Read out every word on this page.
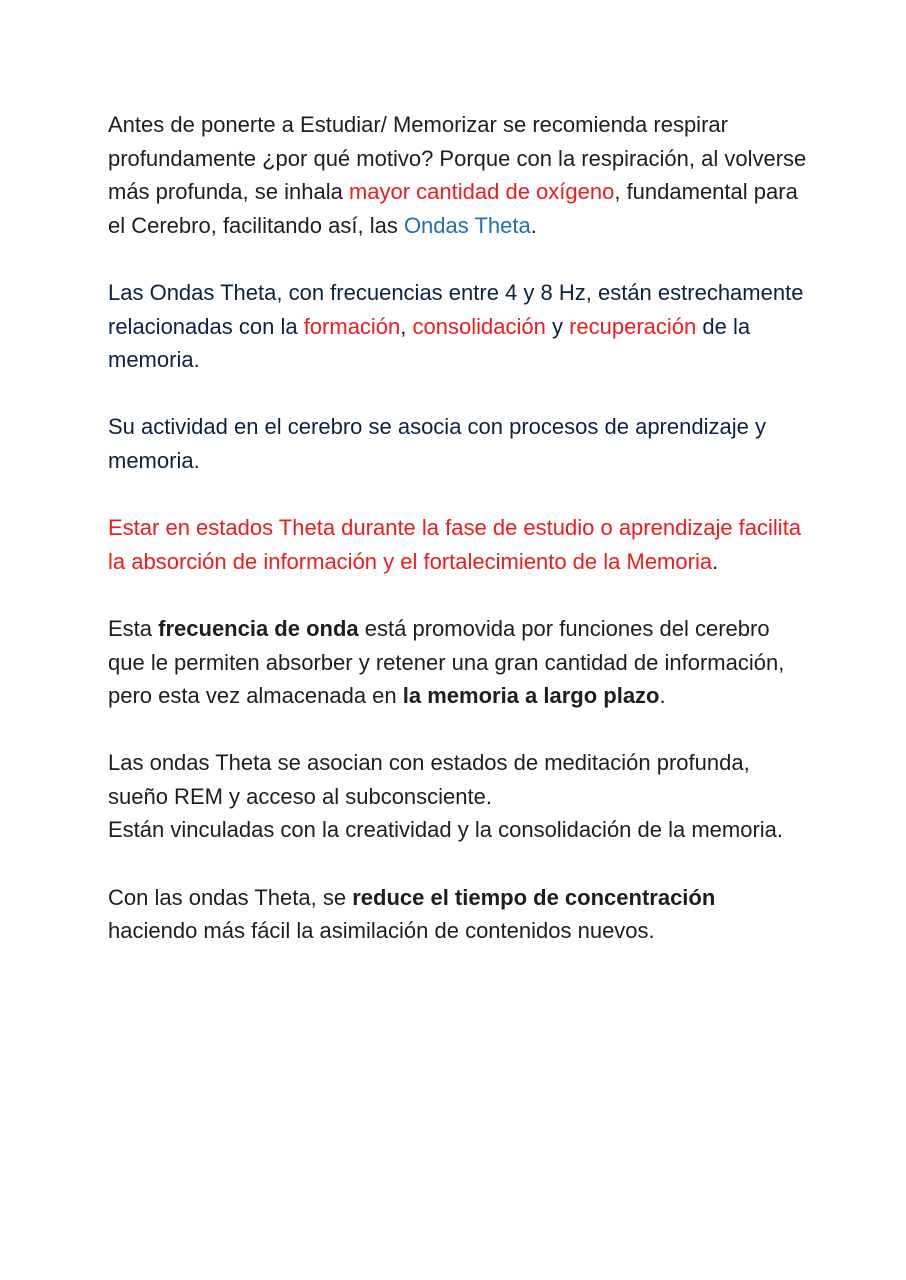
Antes de ponerte a Estudiar/ Memorizar se recomienda respirar profundamente ¿por qué motivo? Porque con la respiración, al volverse más profunda, se inhala mayor cantidad de oxígeno, fundamental para el Cerebro, facilitando así, las Ondas Theta.

Las Ondas Theta, con frecuencias entre 4 y 8 Hz, están estrechamente relacionadas con la formación, consolidación y recuperación de la memoria.

Su actividad en el cerebro se asocia con procesos de aprendizaje y memoria.

Estar en estados Theta durante la fase de estudio o aprendizaje facilita la absorción de información y el fortalecimiento de la Memoria.

Esta frecuencia de onda está promovida por funciones del cerebro que le permiten absorber y retener una gran cantidad de información, pero esta vez almacenada en la memoria a largo plazo.

Las ondas Theta se asocian con estados de meditación profunda, sueño REM y acceso al subconsciente.

Están vinculadas con la creatividad y la consolidación de la memoria.

Con las ondas Theta, se reduce el tiempo de concentración haciendo más fácil la asimilación de contenidos nuevos.
